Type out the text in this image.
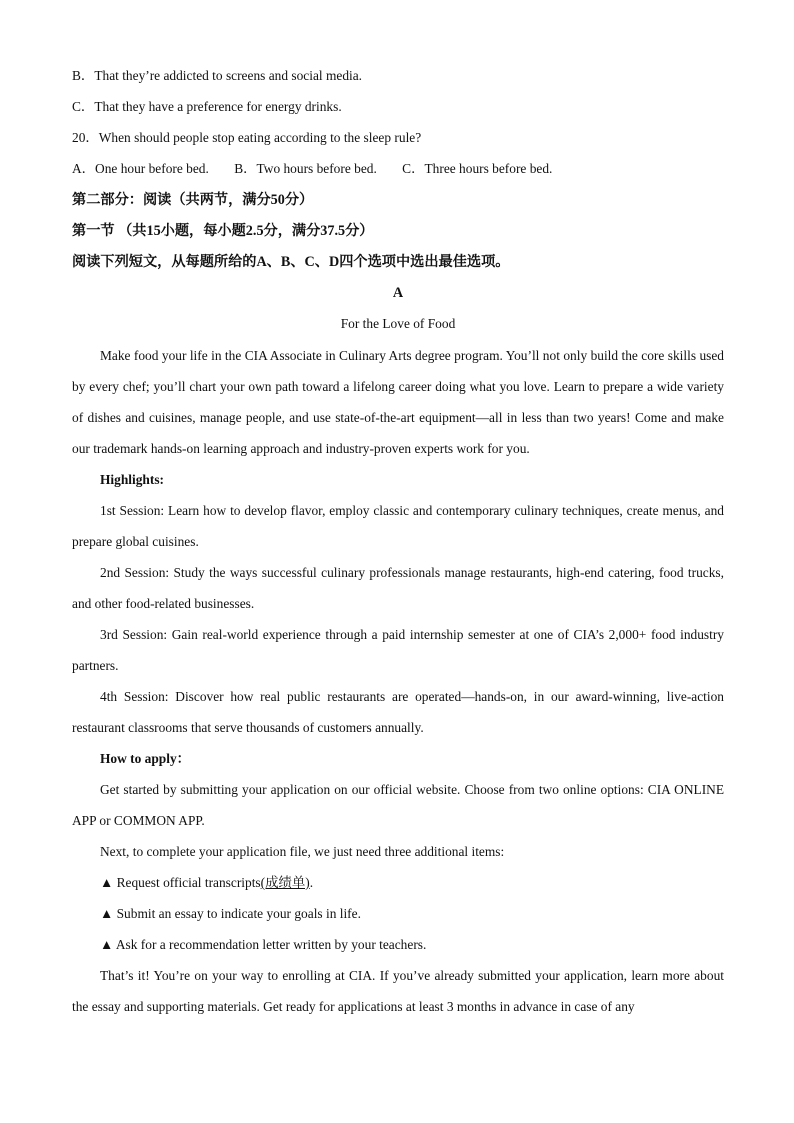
B．That they’re addicted to screens and social media.
C．That they have a preference for energy drinks.
20．When should people stop eating according to the sleep rule?
A．One hour before bed. B．Two hours before bed. C．Three hours before bed.
第二部分：阅读（共两节，满分50分）
第一节 （共15小题，每小题2.5分，满分37.5分）
阅读下列短文，从每题所给的A、B、C、D四个选项中选出最佳选项。
A
For the Love of Food
Make food your life in the CIA Associate in Culinary Arts degree program. You’ll not only build the core skills used by every chef; you’ll chart your own path toward a lifelong career doing what you love. Learn to prepare a wide variety of dishes and cuisines, manage people, and use state-of-the-art equipment—all in less than two years! Come and make our trademark hands-on learning approach and industry-proven experts work for you.
Highlights:
1st Session: Learn how to develop flavor, employ classic and contemporary culinary techniques, create menus, and prepare global cuisines.
2nd Session: Study the ways successful culinary professionals manage restaurants, high-end catering, food trucks, and other food-related businesses.
3rd Session: Gain real-world experience through a paid internship semester at one of CIA’s 2,000+ food industry partners.
4th Session: Discover how real public restaurants are operated—hands-on, in our award-winning, live-action restaurant classrooms that serve thousands of customers annually.
How to apply：
Get started by submitting your application on our official website. Choose from two online options: CIA ONLINE APP or COMMON APP.
Next, to complete your application file, we just need three additional items:
▲ Request official transcripts(成绩单).
▲ Submit an essay to indicate your goals in life.
▲ Ask for a recommendation letter written by your teachers.
That’s it! You’re on your way to enrolling at CIA. If you’ve already submitted your application, learn more about the essay and supporting materials. Get ready for applications at least 3 months in advance in case of any
